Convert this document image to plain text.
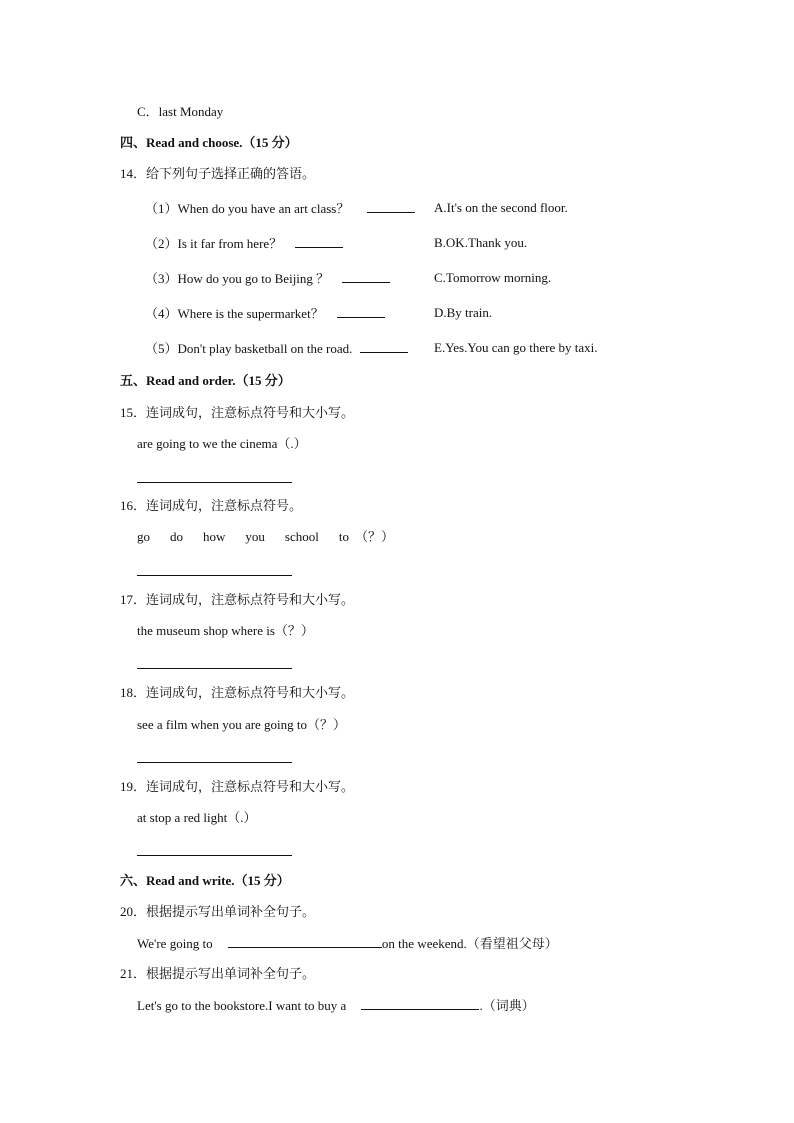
C．last Monday
四、Read and choose.（15 分）
14．给下列句子选择正确的答语。
（1）When do you have an art class？	A.It's on the second floor.
（2）Is it far from here？	B.OK.Thank you.
（3）How do you go to Beijing ？	C.Tomorrow morning.
（4）Where is the supermarket？	D.By train.
（5）Don't play basketball on the road.	E.Yes.You can go there by taxi.
五、Read and order.（15 分）
15．连词成句，注意标点符号和大小写。
are going to we the cinema（.）
16．连词成句，注意标点符号。
go do how you school to （？）
17．连词成句，注意标点符号和大小写。
the museum shop where is（？）
18．连词成句，注意标点符号和大小写。
see a film when you are going to（？）
19．连词成句，注意标点符号和大小写。
at stop a red light（.）
六、Read and write.（15 分）
20．根据提示写出单词补全句子。
We're going to	on the weekend.（看望祖父母）
21．根据提示写出单词补全句子。
Let's go to the bookstore.I want to buy a	.（词典）
